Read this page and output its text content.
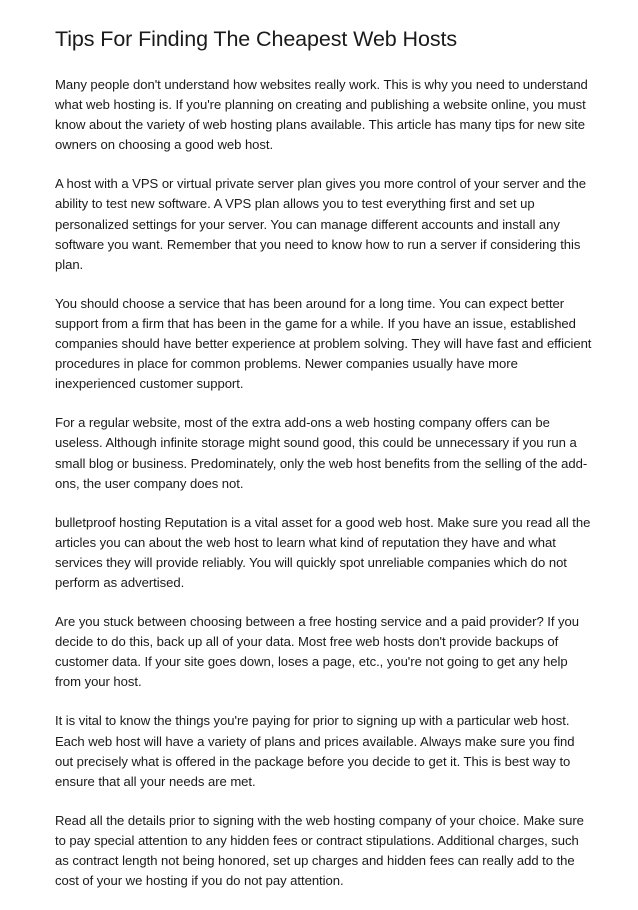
Tips For Finding The Cheapest Web Hosts

Many people don't understand how websites really work. This is why you need to understand what web hosting is. If you're planning on creating and publishing a website online, you must know about the variety of web hosting plans available. This article has many tips for new site owners on choosing a good web host.

A host with a VPS or virtual private server plan gives you more control of your server and the ability to test new software. A VPS plan allows you to test everything first and set up personalized settings for your server. You can manage different accounts and install any software you want. Remember that you need to know how to run a server if considering this plan.

You should choose a service that has been around for a long time. You can expect better support from a firm that has been in the game for a while. If you have an issue, established companies should have better experience at problem solving. They will have fast and efficient procedures in place for common problems. Newer companies usually have more inexperienced customer support.

For a regular website, most of the extra add-ons a web hosting company offers can be useless. Although infinite storage might sound good, this could be unnecessary if you run a small blog or business. Predominately, only the web host benefits from the selling of the add-ons, the user company does not.

bulletproof hosting Reputation is a vital asset for a good web host. Make sure you read all the articles you can about the web host to learn what kind of reputation they have and what services they will provide reliably. You will quickly spot unreliable companies which do not perform as advertised.

Are you stuck between choosing between a free hosting service and a paid provider? If you decide to do this, back up all of your data. Most free web hosts don't provide backups of customer data. If your site goes down, loses a page, etc., you're not going to get any help from your host.

It is vital to know the things you're paying for prior to signing up with a particular web host. Each web host will have a variety of plans and prices available. Always make sure you find out precisely what is offered in the package before you decide to get it. This is best way to ensure that all your needs are met.

Read all the details prior to signing with the web hosting company of your choice. Make sure to pay special attention to any hidden fees or contract stipulations. Additional charges, such as contract length not being honored, set up charges and hidden fees can really add to the cost of your we hosting if you do not pay attention.
